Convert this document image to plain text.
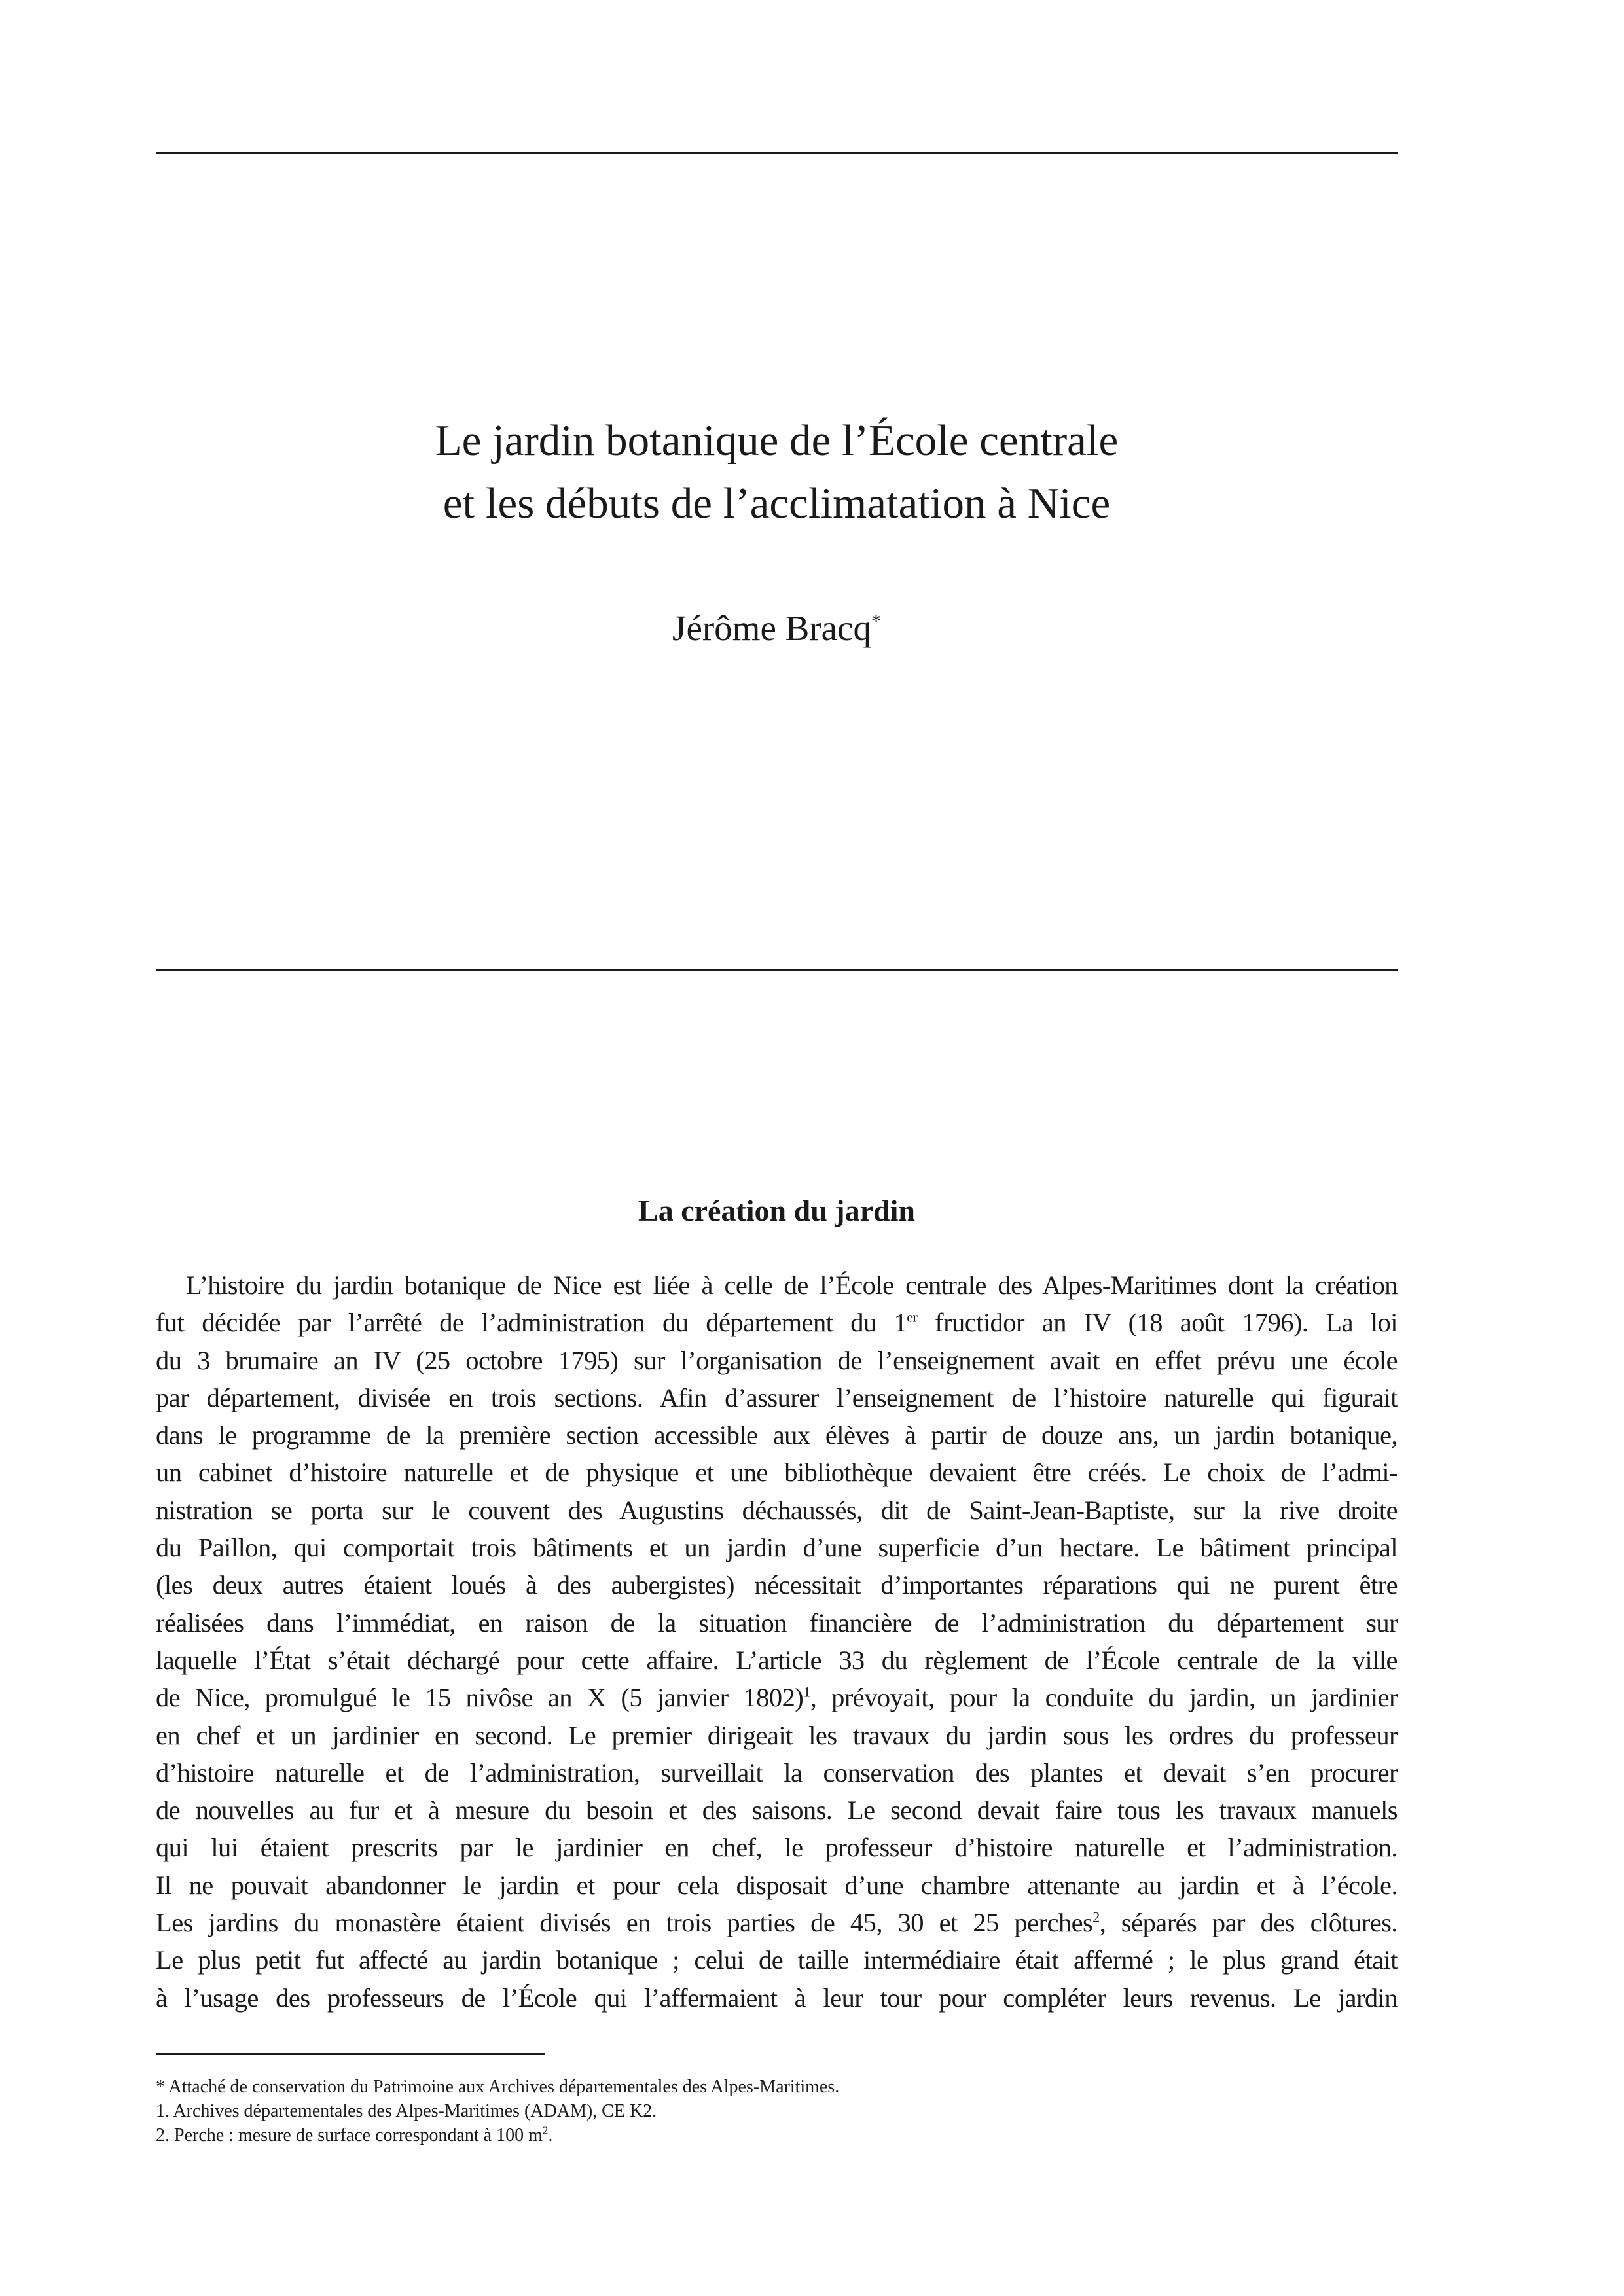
Le jardin botanique de l’École centrale
et les débuts de l’acclimatation à Nice
Jérôme Bracq*
La création du jardin
L’histoire du jardin botanique de Nice est liée à celle de l’École centrale des Alpes-Maritimes dont la création
fut décidée par l’arrêté de l’administration du département du 1er fructidor an IV (18 août 1796). La loi
du 3 brumaire an IV (25 octobre 1795) sur l’organisation de l’enseignement avait en effet prévu une école
par département, divisée en trois sections. Afin d’assurer l’enseignement de l’histoire naturelle qui figurait
dans le programme de la première section accessible aux élèves à partir de douze ans, un jardin botanique,
un cabinet d’histoire naturelle et de physique et une bibliothèque devaient être créés. Le choix de l’admi-
nistration se porta sur le couvent des Augustins déchaussés, dit de Saint-Jean-Baptiste, sur la rive droite
du Paillon, qui comportait trois bâtiments et un jardin d’une superficie d’un hectare. Le bâtiment principal
(les deux autres étaient loués à des aubergistes) nécessitait d’importantes réparations qui ne purent être
réalisées dans l’immédiat, en raison de la situation financière de l’administration du département sur
laquelle l’État s’était déchargé pour cette affaire. L’article 33 du règlement de l’École centrale de la ville
de Nice, promulgué le 15 nivôse an X (5 janvier 1802)$^1$, prévoyait, pour la conduite du jardin, un jardinier
en chef et un jardinier en second. Le premier dirigeait les travaux du jardin sous les ordres du professeur
d’histoire naturelle et de l’administration, surveillait la conservation des plantes et devait s’en procurer
de nouvelles au fur et à mesure du besoin et des saisons. Le second devait faire tous les travaux manuels
qui lui étaient prescrits par le jardinier en chef, le professeur d’histoire naturelle et l’administration.
Il ne pouvait abandonner le jardin et pour cela disposait d’une chambre attenante au jardin et à l’école.
Les jardins du monastère étaient divisés en trois parties de 45, 30 et 25 perches$^2$, séparés par des clôtures.
Le plus petit fut affecté au jardin botanique ; celui de taille intermédiaire était affermé ; le plus grand était
à l’usage des professeurs de l’École qui l’affermaient à leur tour pour compléter leurs revenus. Le jardin
* Attaché de conservation du Patrimoine aux Archives départementales des Alpes-Maritimes.
1. Archives départementales des Alpes-Maritimes (ADAM), CE K2.
2. Perche : mesure de surface correspondant à 100 $m^2$.
